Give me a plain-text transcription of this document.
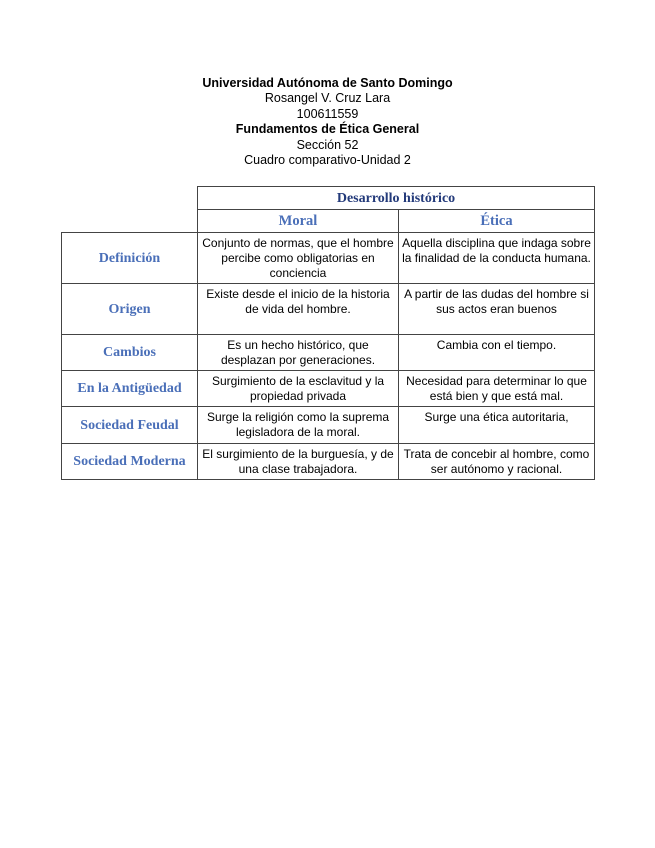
Universidad Autónoma de Santo Domingo
Rosangel V. Cruz Lara
100611559
Fundamentos de Ética General
Sección 52
Cuadro comparativo-Unidad 2
	Desarrollo histórico	
	Moral	Ética
Definición	Conjunto de normas, que el hombre percibe como obligatorias en conciencia	Aquella disciplina que indaga sobre la finalidad de la conducta humana.
Origen	Existe desde el inicio de la historia de vida del hombre.	A partir de las dudas del hombre si sus actos eran buenos
Cambios	Es un hecho histórico, que desplazan por generaciones.	Cambia con el tiempo.
En la Antigüedad	Surgimiento de la esclavitud y la propiedad privada	Necesidad para determinar lo que está bien y que está mal.
Sociedad Feudal	Surge la religión como la suprema legisladora de la moral.	Surge una ética autoritaria,
Sociedad Moderna	El surgimiento de la burguesía, y de una clase trabajadora.	Trata de concebir al hombre, como ser autónomo y racional.
